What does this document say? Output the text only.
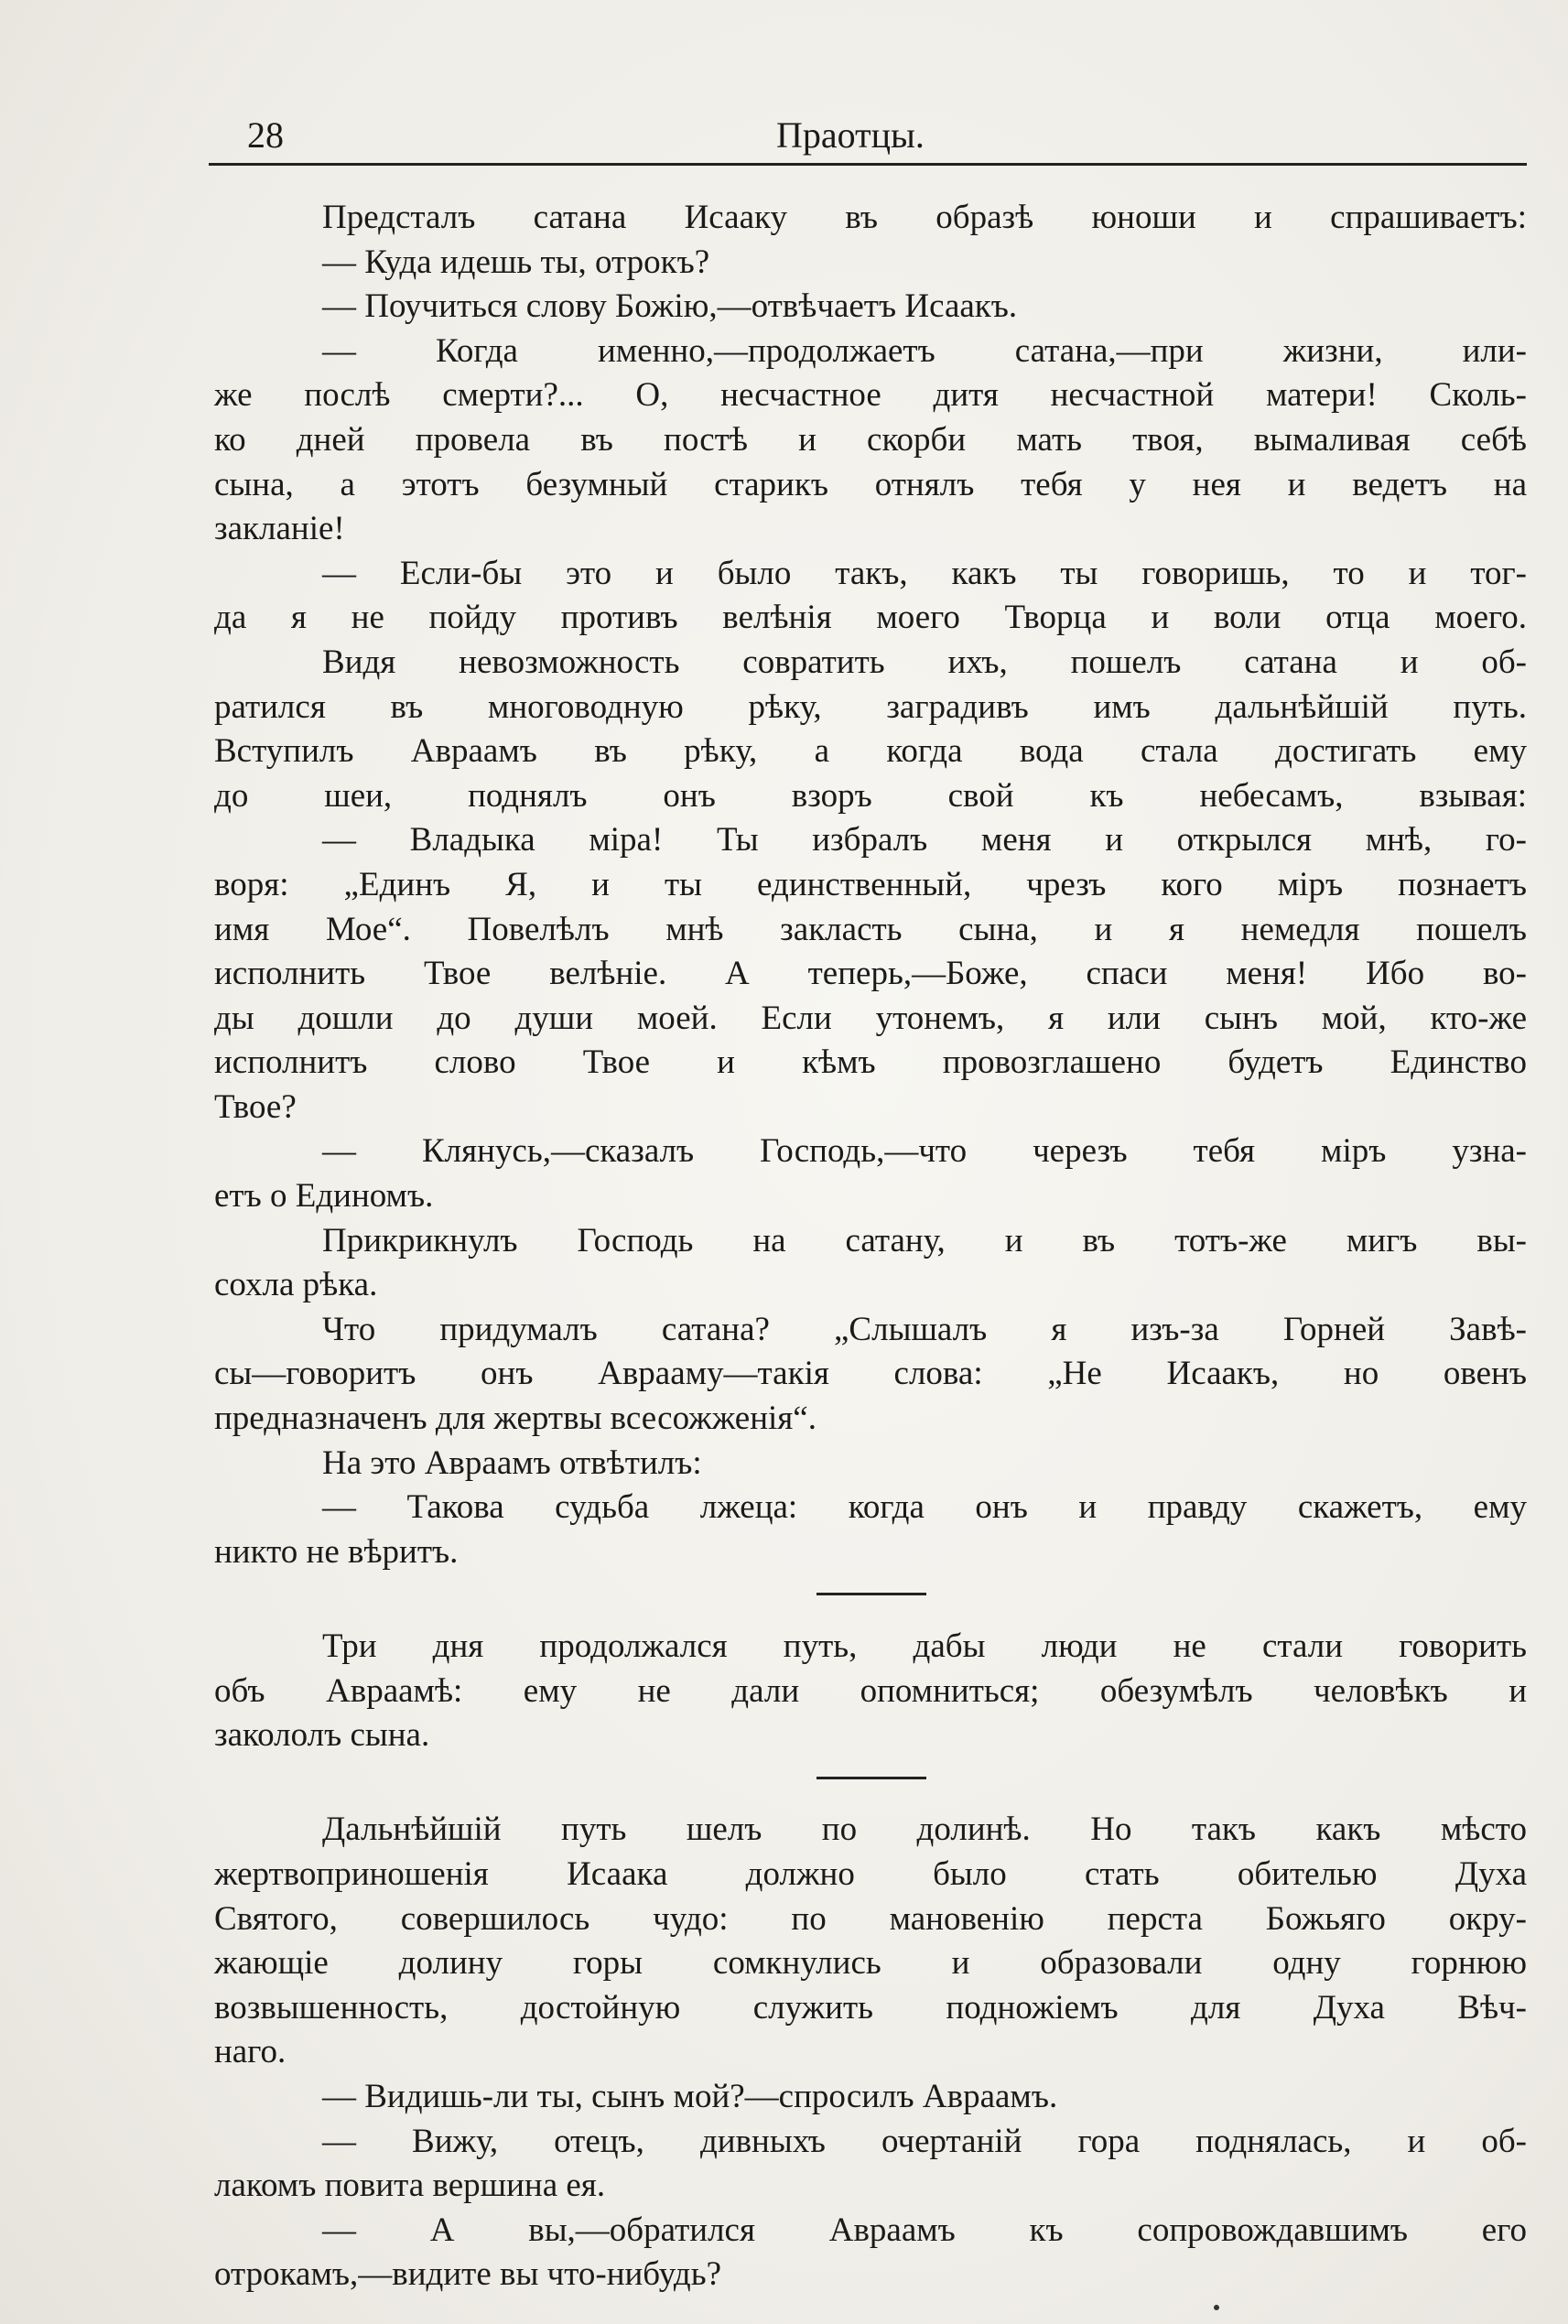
28	Праотцы.
Предсталъ сатана Исааку въ образѣ юноши и спрашиваетъ:
— Куда идешь ты, отрокъ?
— Поучиться слову Божію,—отвѣчаетъ Исаакъ.
— Когда именно,—продолжаетъ сатана,—при жизни, или-
же послѣ смерти?... О, несчастное дитя несчастной матери! Сколь-
ко дней провела въ постѣ и скорби мать твоя, вымаливая себѣ
сына, а этотъ безумный старикъ отнялъ тебя у нея и ведетъ на
закланіе!
— Если-бы это и было такъ, какъ ты говоришь, то и тог-
да я не пойду противъ велѣнія моего Творца и воли отца моего.
Видя невозможность совратить ихъ, пошелъ сатана и об-
ратился въ многоводную рѣку, заградивъ имъ дальнѣйшій путь.
Вступилъ Авраамъ въ рѣку, а когда вода стала достигать ему
до шеи, поднялъ онъ взоръ свой къ небесамъ, взывая:
— Владыка міра! Ты избралъ меня и открылся мнѣ, го-
воря: „Единъ Я, и ты единственный, чрезъ кого міръ познаетъ
имя Мое“. Повелѣлъ мнѣ закласть сына, и я немедля пошелъ
исполнить Твое велѣніе. А теперь,—Боже, спаси меня! Ибо во-
ды дошли до души моей. Если утонемъ, я или сынъ мой, кто-же
исполнитъ слово Твое и кѣмъ провозглашено будетъ Единство
Твое?
— Клянусь,—сказалъ Господь,—что черезъ тебя міръ узна-
етъ о Единомъ.
Прикрикнулъ Господь на сатану, и въ тотъ-же мигъ вы-
сохла рѣка.
Что придумалъ сатана? „Слышалъ я изъ-за Горней Завѣ-
сы—говоритъ онъ Аврааму—такія слова: „Не Исаакъ, но овенъ
предназначенъ для жертвы всесожженія“.
На это Авраамъ отвѣтилъ:
— Такова судьба лжеца: когда онъ и правду скажетъ, ему
никто не вѣритъ.
Три дня продолжался путь, дабы люди не стали говорить
объ Авраамѣ: ему не дали опомниться; обезумѣлъ человѣкъ и
закололъ сына.
Дальнѣйшій путь шелъ по долинѣ. Но такъ какъ мѣсто
жертвоприношенія Исаака должно было стать обителью Духа
Святого, совершилось чудо: по мановенію перста Божьяго окру-
жающіе долину горы сомкнулись и образовали одну горнюю
возвышенность, достойную служить подножіемъ для Духа Вѣч-
наго.
— Видишь-ли ты, сынъ мой?—спросилъ Авраамъ.
— Вижу, отецъ, дивныхъ очертаній гора поднялась, и об-
лакомъ повита вершина ея.
— А вы,—обратился Авраамъ къ сопровождавшимъ его
отрокамъ,—видите вы что-нибудь?
